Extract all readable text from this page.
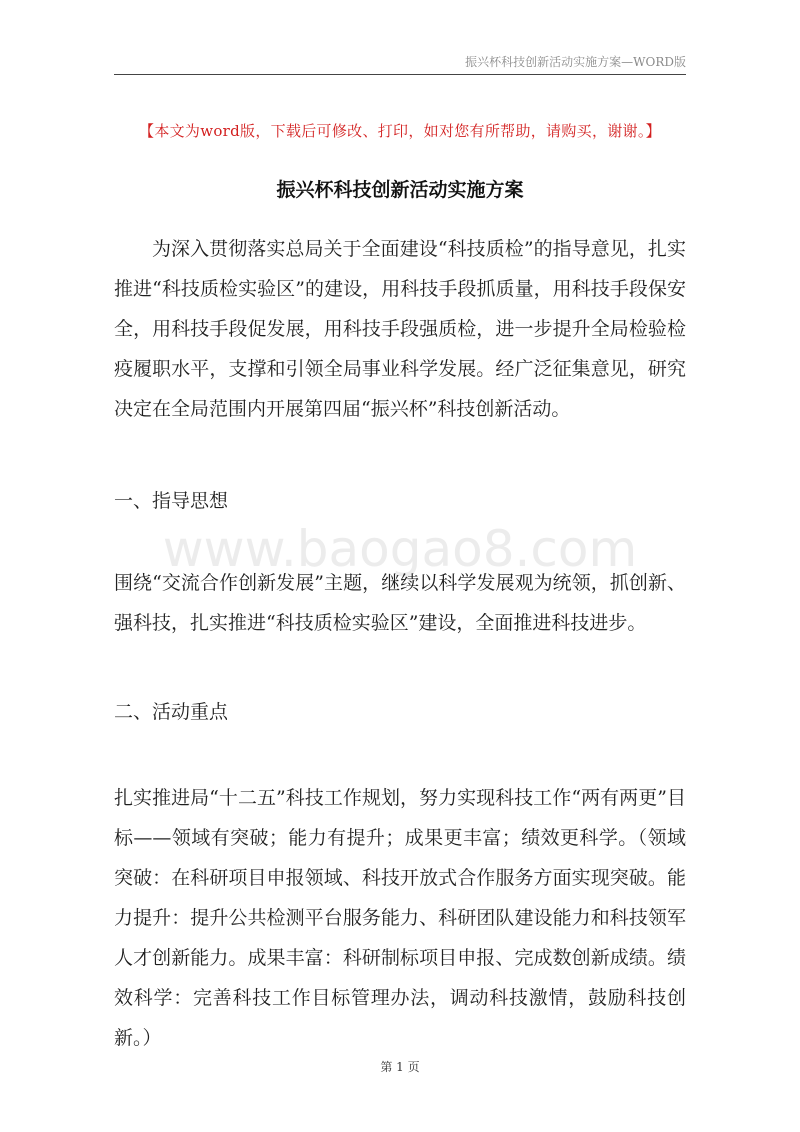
振兴杯科技创新活动实施方案—WORD版
【本文为word版，下载后可修改、打印，如对您有所帮助，请购买，谢谢。】
振兴杯科技创新活动实施方案
为深入贯彻落实总局关于全面建设“科技质检”的指导意见，扎实推进“科技质检实验区”的建设，用科技手段抓质量，用科技手段保安全，用科技手段促发展，用科技手段强质检，进一步提升全局检验检疫履职水平，支撑和引领全局事业科学发展。经广泛征集意见，研究决定在全局范围内开展第四届“振兴杯”科技创新活动。
www.baogao8.com
一、指导思想
围绕“交流合作创新发展”主题，继续以科学发展观为统领，抓创新、强科技，扎实推进“科技质检实验区”建设，全面推进科技进步。
二、活动重点
扎实推进局“十二五”科技工作规划，努力实现科技工作“两有两更”目标——领域有突破；能力有提升；成果更丰富；绩效更科学。（领域突破：在科研项目申报领域、科技开放式合作服务方面实现突破。能力提升：提升公共检测平台服务能力、科研团队建设能力和科技领军人才创新能力。成果丰富：科研制标项目申报、完成数创新成绩。绩效科学：完善科技工作目标管理办法，调动科技激情，鼓励科技创新。）
第 1 页
